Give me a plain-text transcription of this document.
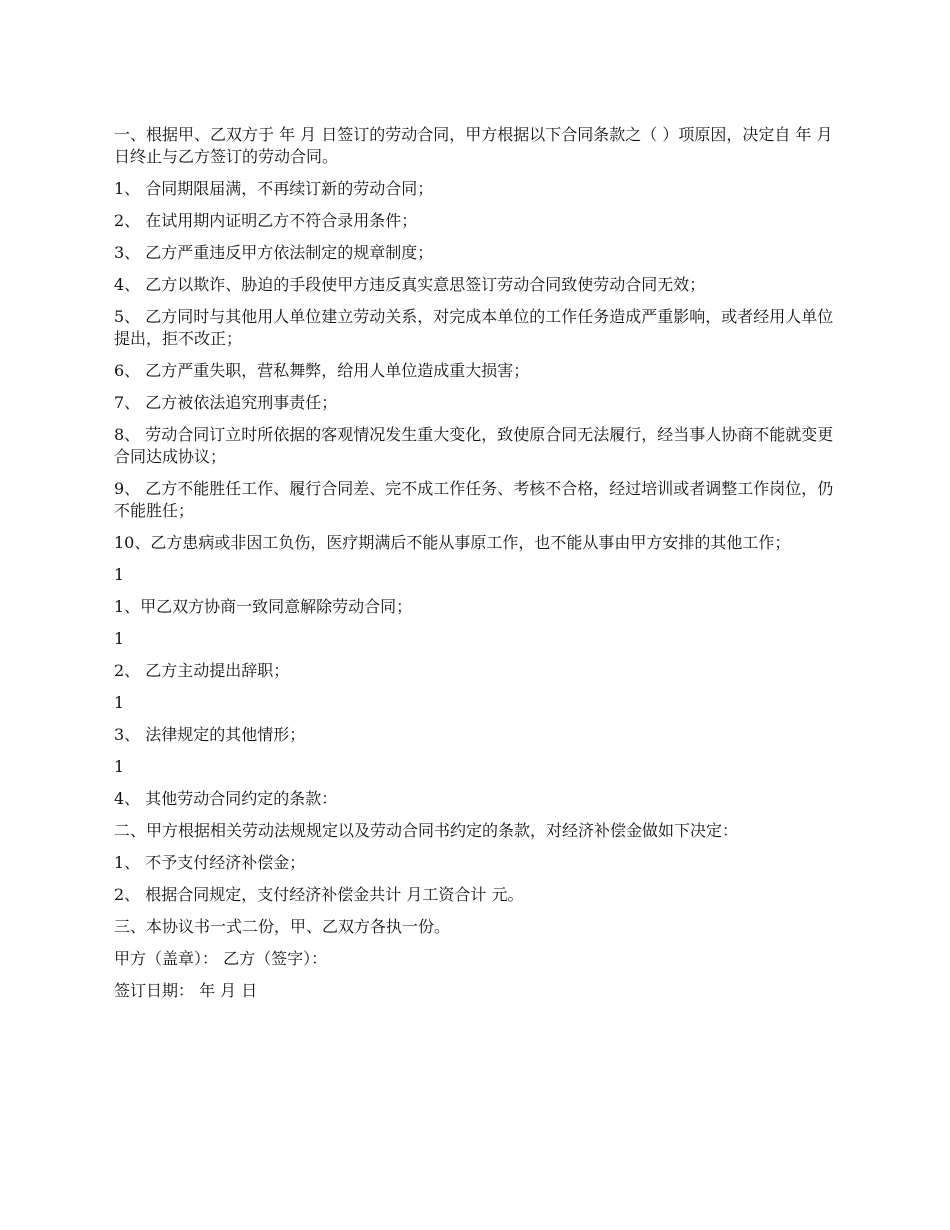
一、根据甲、乙双方于 年 月 日签订的劳动合同，甲方根据以下合同条款之（ ）项原因，决定自 年 月 日终止与乙方签订的劳动合同。

1、 合同期限届满，不再续订新的劳动合同；

2、 在试用期内证明乙方不符合录用条件；

3、 乙方严重违反甲方依法制定的规章制度；

4、 乙方以欺诈、胁迫的手段使甲方违反真实意思签订劳动合同致使劳动合同无效；

5、 乙方同时与其他用人单位建立劳动关系，对完成本单位的工作任务造成严重影响，或者经用人单位提出，拒不改正；

6、 乙方严重失职，营私舞弊，给用人单位造成重大损害；

7、 乙方被依法追究刑事责任；

8、 劳动合同订立时所依据的客观情况发生重大变化，致使原合同无法履行，经当事人协商不能就变更合同达成协议；

9、 乙方不能胜任工作、履行合同差、完不成工作任务、考核不合格，经过培训或者调整工作岗位，仍不能胜任；

10、乙方患病或非因工负伤，医疗期满后不能从事原工作，也不能从事由甲方安排的其他工作；

1

1、甲乙双方协商一致同意解除劳动合同；

1

2、 乙方主动提出辞职；

1

3、 法律规定的其他情形；

1

4、 其他劳动合同约定的条款：

二、甲方根据相关劳动法规规定以及劳动合同书约定的条款，对经济补偿金做如下决定：

1、 不予支付经济补偿金；

2、 根据合同规定，支付经济补偿金共计 月工资合计 元。

三、本协议书一式二份，甲、乙双方各执一份。

甲方（盖章）： 乙方（签字）：

签订日期： 年 月 日
